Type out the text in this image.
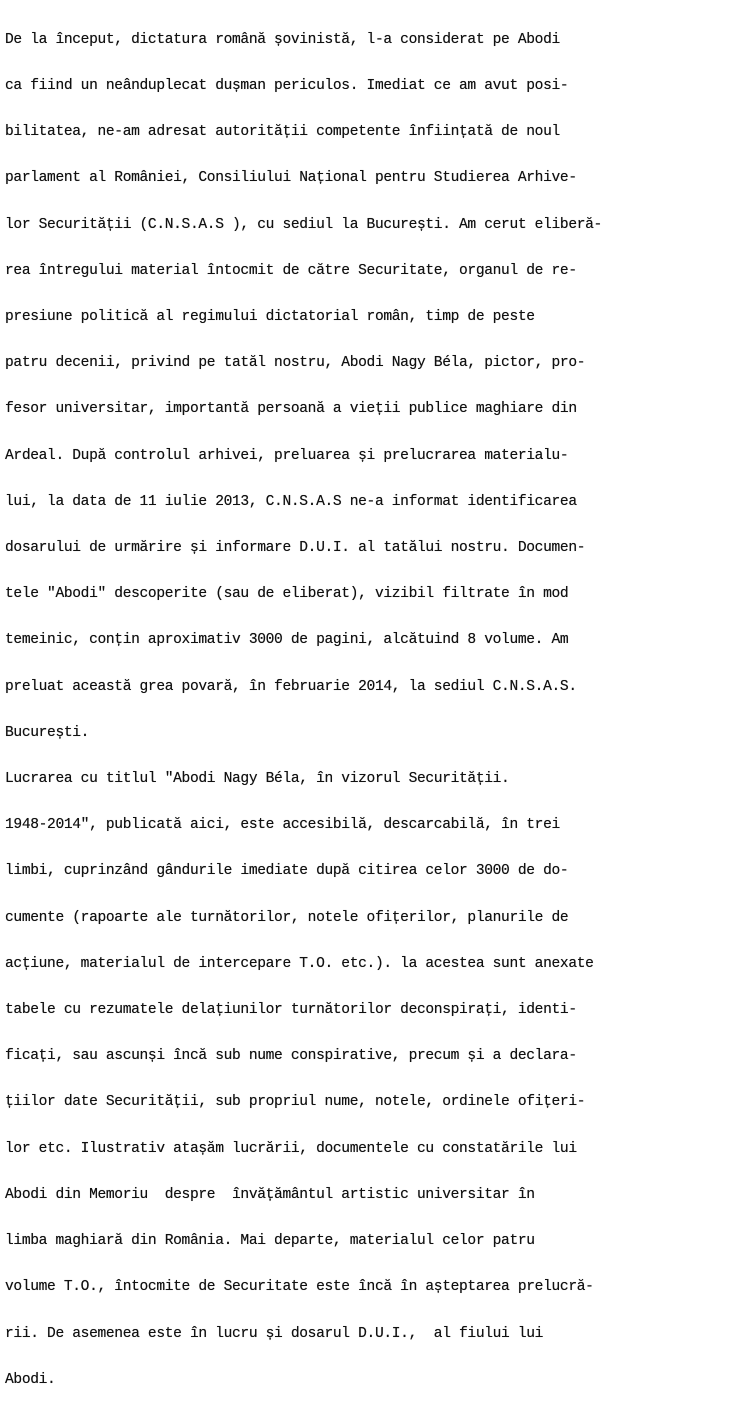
De la început, dictatura română șovinistă, l-a considerat pe Abodi

ca fiind un neânduplecat dușman periculos. Imediat ce am avut posi-

bilitatea, ne-am adresat autorității competente înființată de noul

parlament al României, Consiliului Național pentru Studierea Arhive-

lor Securității (C.N.S.A.S ), cu sediul la București. Am cerut eliberă-

rea întregului material întocmit de către Securitate, organul de re-

presiune politică al regimului dictatorial român, timp de peste

patru decenii, privind pe tatăl nostru, Abodi Nagy Béla, pictor, pro-

fesor universitar, importantă persoană a vieții publice maghiare din

Ardeal. După controlul arhivei, preluarea și prelucrarea materialu-

lui, la data de 11 iulie 2013, C.N.S.A.S ne-a informat identificarea

dosarului de urmărire și informare D.U.I. al tatălui nostru. Documen-

tele "Abodi" descoperite (sau de eliberat), vizibil filtrate în mod

temeinic, conțin aproximativ 3000 de pagini, alcătuind 8 volume. Am

preluat această grea povară, în februarie 2014, la sediul C.N.S.A.S.

București.

Lucrarea cu titlul "Abodi Nagy Béla, în vizorul Securității.

1948-2014", publicată aici, este accesibilă, descarcabilă, în trei

limbi, cuprinzând gândurile imediate după citirea celor 3000 de do-

cumente (rapoarte ale turnătorilor, notele ofițerilor, planurile de

acțiune, materialul de intercepare T.O. etc.). la acestea sunt anexate

tabele cu rezumatele delațiunilor turnătorilor deconspirați, identi-

ficați, sau ascunși încă sub nume conspirative, precum și a declara-

țiilor date Securității, sub propriul nume, notele, ordinele ofițeri-

lor etc. Ilustrativ atașăm lucrării, documentele cu constatările lui

Abodi din Memoriu  despre  învățământul artistic universitar în

limba maghiară din România. Mai departe, materialul celor patru

volume T.O., întocmite de Securitate este încă în așteptarea prelucră-

rii. De asemenea este în lucru și dosarul D.U.I.,  al fiului lui

Abodi.
